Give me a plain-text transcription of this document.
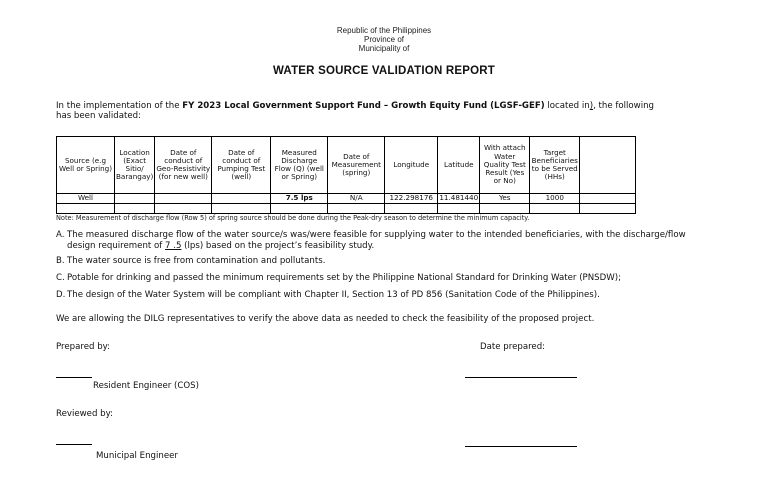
Republic of the Philippines
Province of
Municipality of
WATER SOURCE VALIDATION REPORT
In the implementation of the FY 2023 Local Government Support Fund – Growth Equity Fund (LGSF-GEF) located in), the following
has been validated:
Source (e.g Well or Spring)	Location (Exact Sitio/ Barangay)	Date of conduct of Geo-Resistivity (for new well)	Date of conduct of Pumping Test (well)	Measured Discharge Flow (Q) (well or Spring)	Date of Measurement (spring)	Longitude	Latitude	With attach Water Quality Test Result (Yes or No)	Target Beneficiaries to be Served (HHs)	
Well				7.5 lps	N/A	122.298176	11.481440	Yes	1000	

Note: Measurement of discharge flow (Row 5) of spring source should be done during the Peak-dry season to determine the minimum capacity.
A. The measured discharge flow of the water source/s was/were feasible for supplying water to the intended beneficiaries, with the discharge/flow
design requirement of 7 .5 (lps) based on the project’s feasibility study.
B. The water source is free from contamination and pollutants.
C. Potable for drinking and passed the minimum requirements set by the Philippine National Standard for Drinking Water (PNSDW);
D. The design of the Water System will be compliant with Chapter II, Section 13 of PD 856 (Sanitation Code of the Philippines).
We are allowing the DILG representatives to verify the above data as needed to check the feasibility of the proposed project.
Prepared by:	Date prepared:
Resident Engineer (COS)
Reviewed by:
Municipal Engineer
